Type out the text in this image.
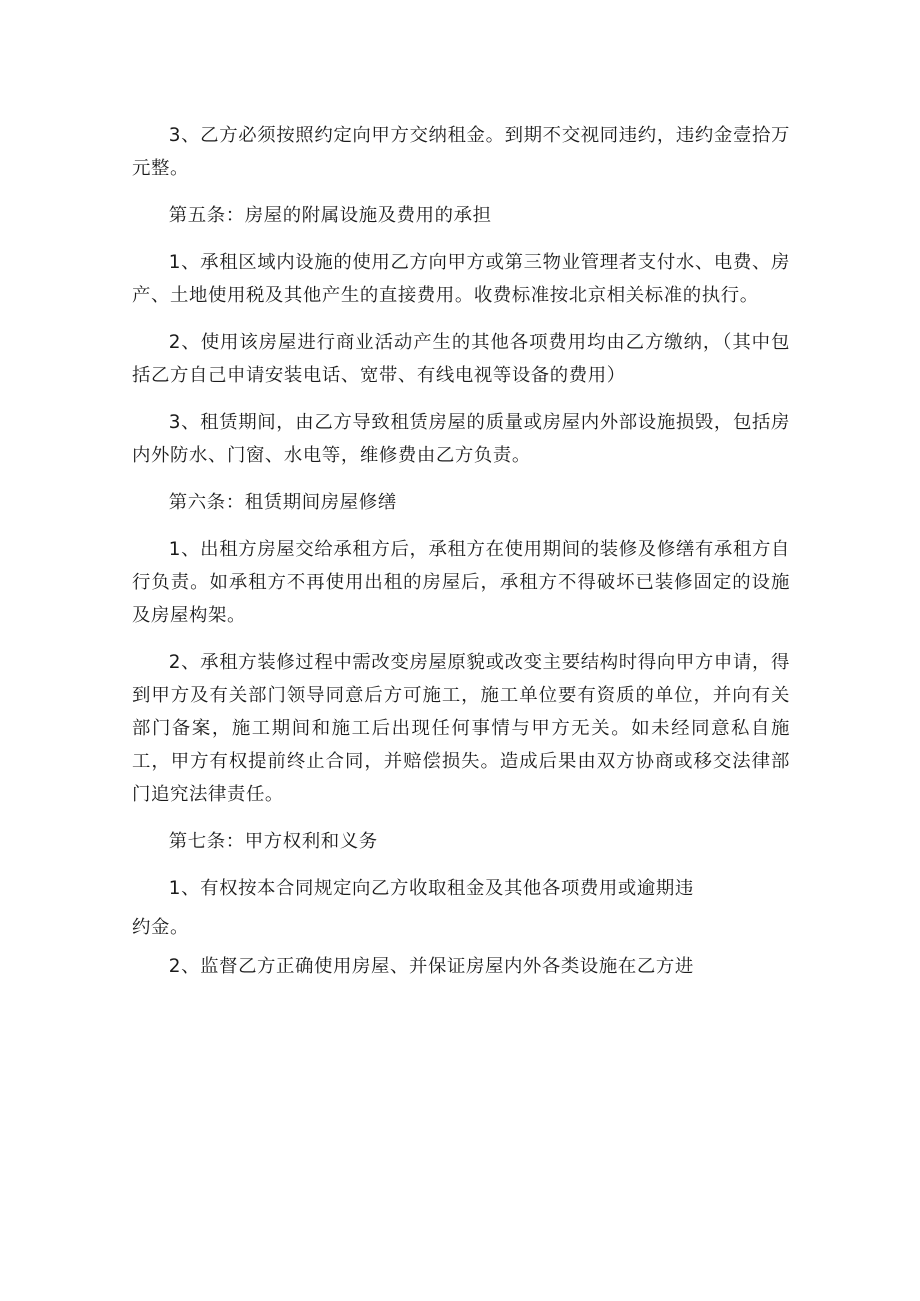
3、乙方必须按照约定向甲方交纳租金。到期不交视同违约，违约金壹拾万元整。

第五条：房屋的附属设施及费用的承担

1、承租区域内设施的使用乙方向甲方或第三物业管理者支付水、电费、房产、土地使用税及其他产生的直接费用。收费标准按北京相关标准的执行。

2、使用该房屋进行商业活动产生的其他各项费用均由乙方缴纳，（其中包括乙方自己申请安装电话、宽带、有线电视等设备的费用）

3、租赁期间，由乙方导致租赁房屋的质量或房屋内外部设施损毁，包括房内外防水、门窗、水电等，维修费由乙方负责。

第六条：租赁期间房屋修缮

1、出租方房屋交给承租方后，承租方在使用期间的装修及修缮有承租方自行负责。如承租方不再使用出租的房屋后，承租方不得破坏已装修固定的设施及房屋构架。

2、承租方装修过程中需改变房屋原貌或改变主要结构时得向甲方申请，得到甲方及有关部门领导同意后方可施工，施工单位要有资质的单位，并向有关部门备案，施工期间和施工后出现任何事情与甲方无关。如未经同意私自施工，甲方有权提前终止合同，并赔偿损失。造成后果由双方协商或移交法律部门追究法律责任。

第七条：甲方权利和义务

1、有权按本合同规定向乙方收取租金及其他各项费用或逾期违

约金。

2、监督乙方正确使用房屋、并保证房屋内外各类设施在乙方进
